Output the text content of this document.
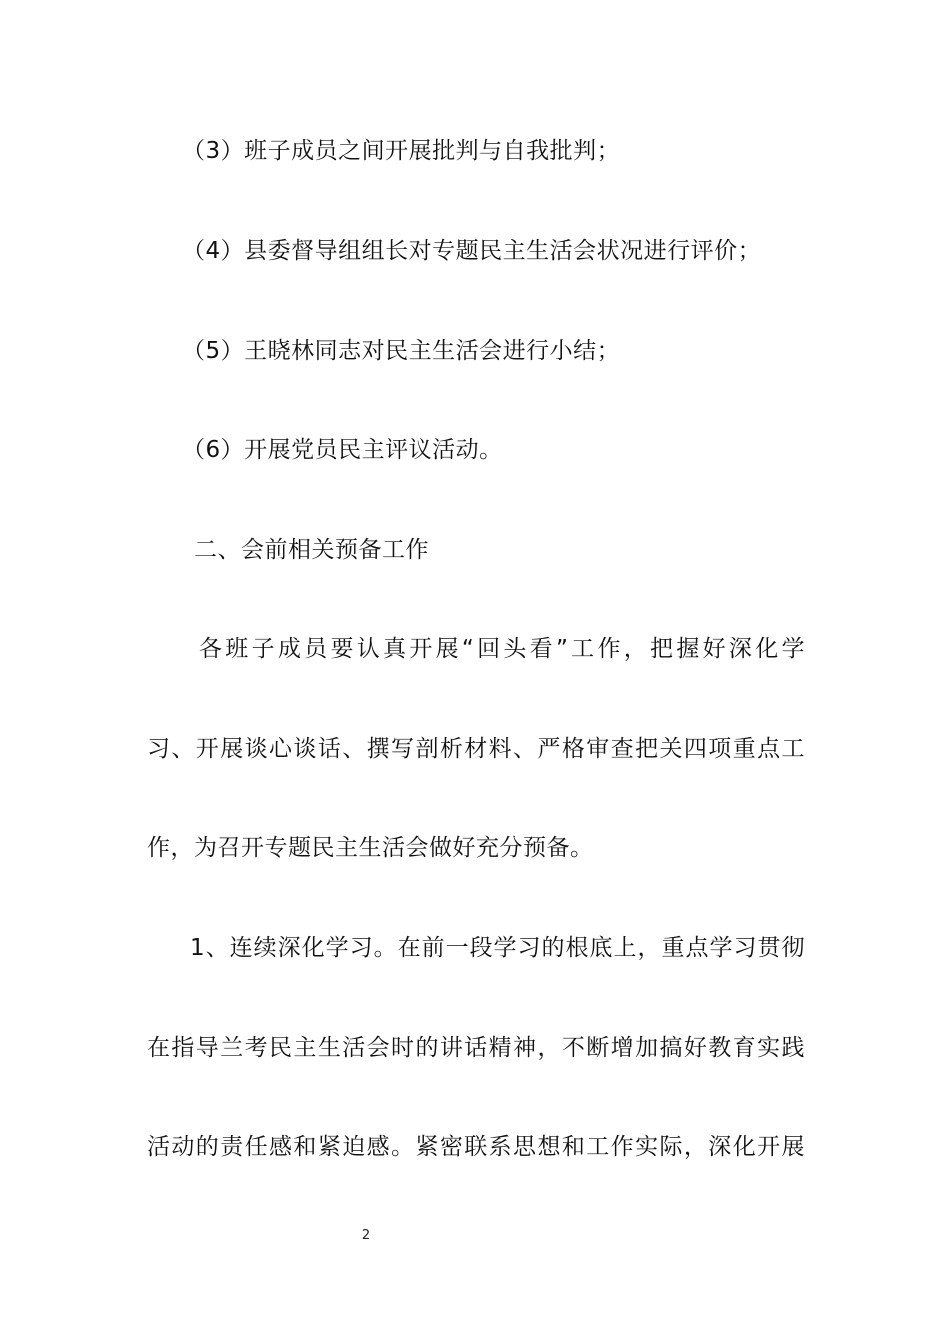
（3）班子成员之间开展批判与自我批判；
（4）县委督导组组长对专题民主生活会状况进行评价；
（5）王晓林同志对民主生活会进行小结；
（6）开展党员民主评议活动。
二、会前相关预备工作
各班子成员要认真开展“回头看”工作，把握好深化学
习、开展谈心谈话、撰写剖析材料、严格审查把关四项重点工
作，为召开专题民主生活会做好充分预备。
1、连续深化学习。在前一段学习的根底上，重点学习贯彻
在指导兰考民主生活会时的讲话精神，不断增加搞好教育实践
活动的责任感和紧迫感。紧密联系思想和工作实际，深化开展
2
